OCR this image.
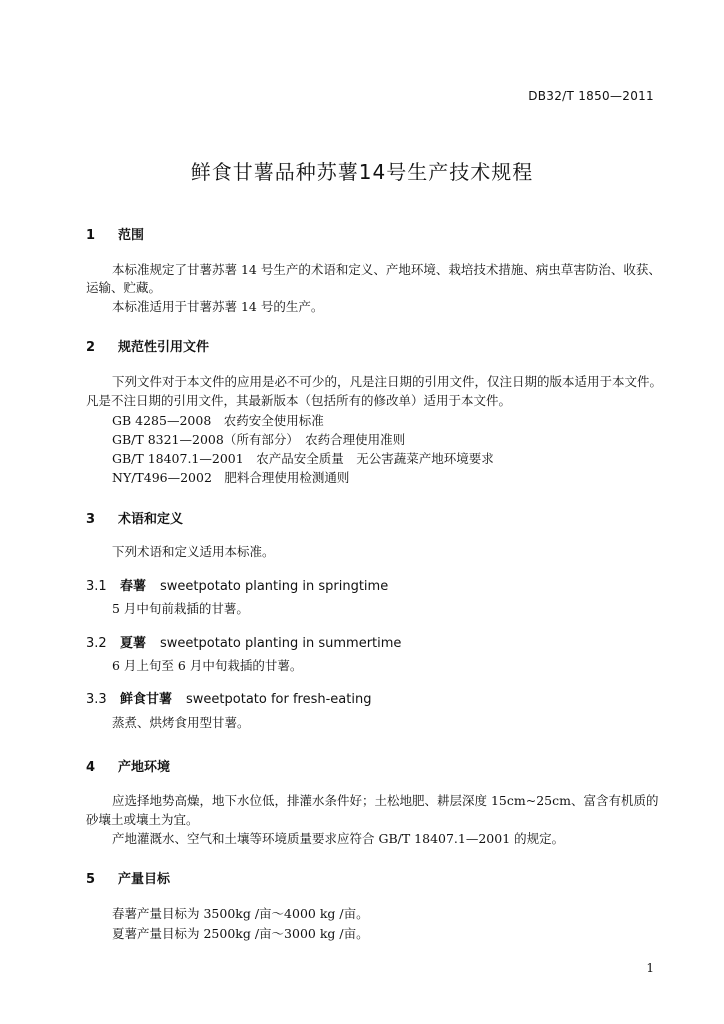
DB32/T 1850—2011
鲜食甘薯品种苏薯14号生产技术规程
1 范围
本标准规定了甘薯苏薯 14 号生产的术语和定义、产地环境、栽培技术措施、病虫草害防治、收获、
运输、贮藏。
本标准适用于甘薯苏薯 14 号的生产。
2 规范性引用文件
下列文件对于本文件的应用是必不可少的，凡是注日期的引用文件，仅注日期的版本适用于本文件。
凡是不注日期的引用文件，其最新版本（包括所有的修改单）适用于本文件。
GB 4285—2008　农药安全使用标准
GB/T 8321—2008（所有部分）　农药合理使用准则
GB/T 18407.1—2001　农产品安全质量　无公害蔬菜产地环境要求
NY/T496—2002　肥料合理使用检测通则
3 术语和定义
下列术语和定义适用本标准。
3.1 春薯 sweetpotato planting in springtime
5 月中旬前栽插的甘薯。
3.2 夏薯 sweetpotato planting in summertime
6 月上旬至 6 月中旬栽插的甘薯。
3.3 鲜食甘薯 sweetpotato for fresh-eating
蒸煮、烘烤食用型甘薯。
4 产地环境
应选择地势高燥，地下水位低，排灌水条件好；土松地肥、耕层深度 15cm~25cm、富含有机质的
砂壤土或壤土为宜。
产地灌溉水、空气和土壤等环境质量要求应符合 GB/T 18407.1—2001 的规定。
5 产量目标
春薯产量目标为 3500kg /亩～4000 kg /亩。
夏薯产量目标为 2500kg /亩～3000 kg /亩。
1
